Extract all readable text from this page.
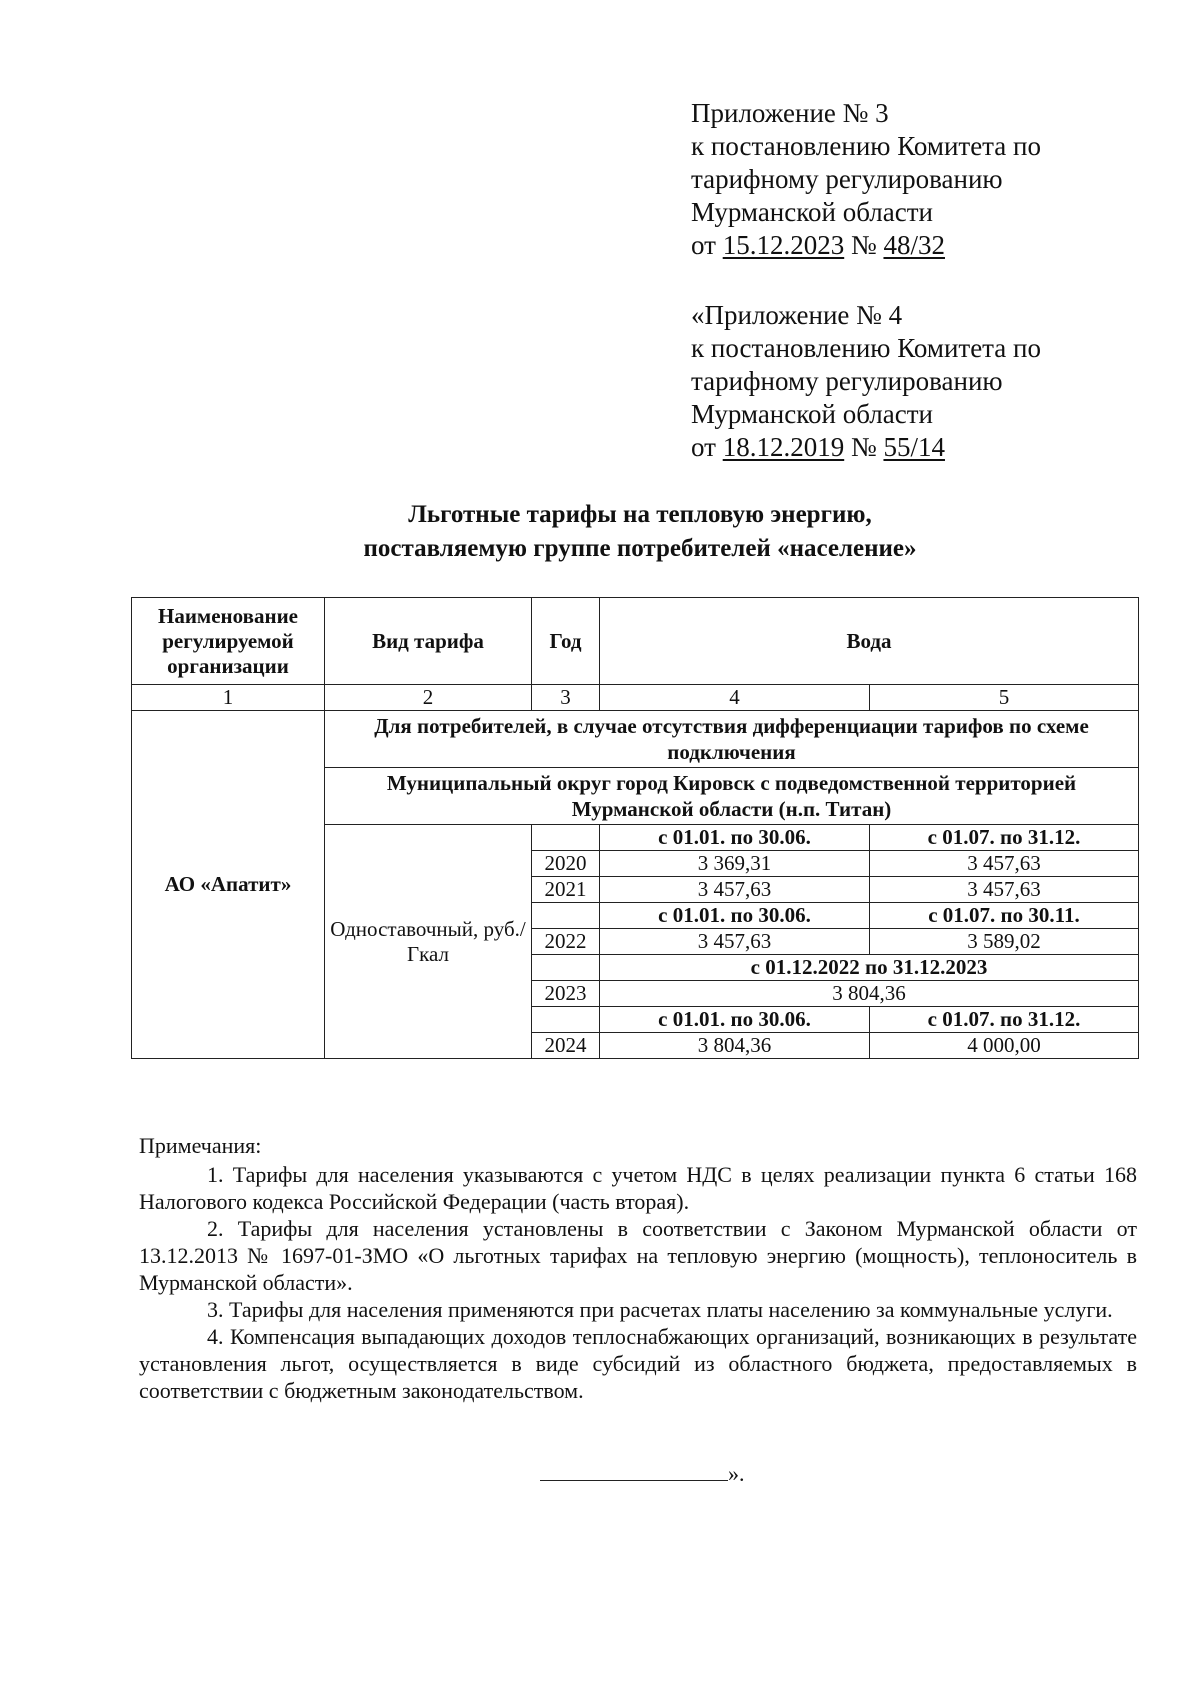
Приложение № 3
к постановлению Комитета по
тарифному регулированию
Мурманской области
от 15.12.2023 № 48/32
«Приложение № 4
к постановлению Комитета по
тарифному регулированию
Мурманской области
от 18.12.2019 № 55/14
Льготные тарифы на тепловую энергию,
поставляемую группе потребителей «население»
Наименование регулируемой организации	Вид тарифа	Год	Вода	
1	2	3	4	5
АО «Апатит»	Для потребителей, в случае отсутствия дифференциации тарифов по схеме подключения			
	Муниципальный округ город Кировск с подведомственной территорией Мурманской области (н.п. Титан)			
	Одноставочный, руб./Гкал		с 01.01. по 30.06.	с 01.07. по 31.12.
		2020	3 369,31	3 457,63
		2021	3 457,63	3 457,63
			с 01.01. по 30.06.	с 01.07. по 30.11.
		2022	3 457,63	3 589,02
			с 01.12.2022 по 31.12.2023	
		2023	3 804,36	
			с 01.01. по 30.06.	с 01.07. по 31.12.
		2024	3 804,36	4 000,00

Примечания:

1. Тарифы для населения указываются с учетом НДС в целях реализации пункта 6 статьи 168 Налогового кодекса Российской Федерации (часть вторая).

2. Тарифы для населения установлены в соответствии с Законом Мурманской области от 13.12.2013 № 1697-01-ЗМО «О льготных тарифах на тепловую энергию (мощность), теплоноситель в Мурманской области».

3. Тарифы для населения применяются при расчетах платы населению за коммунальные услуги.

4. Компенсация выпадающих доходов теплоснабжающих организаций, возникающих в результате установления льгот, осуществляется в виде субсидий из областного бюджета, предоставляемых в соответствии с бюджетным законодательством.

».
